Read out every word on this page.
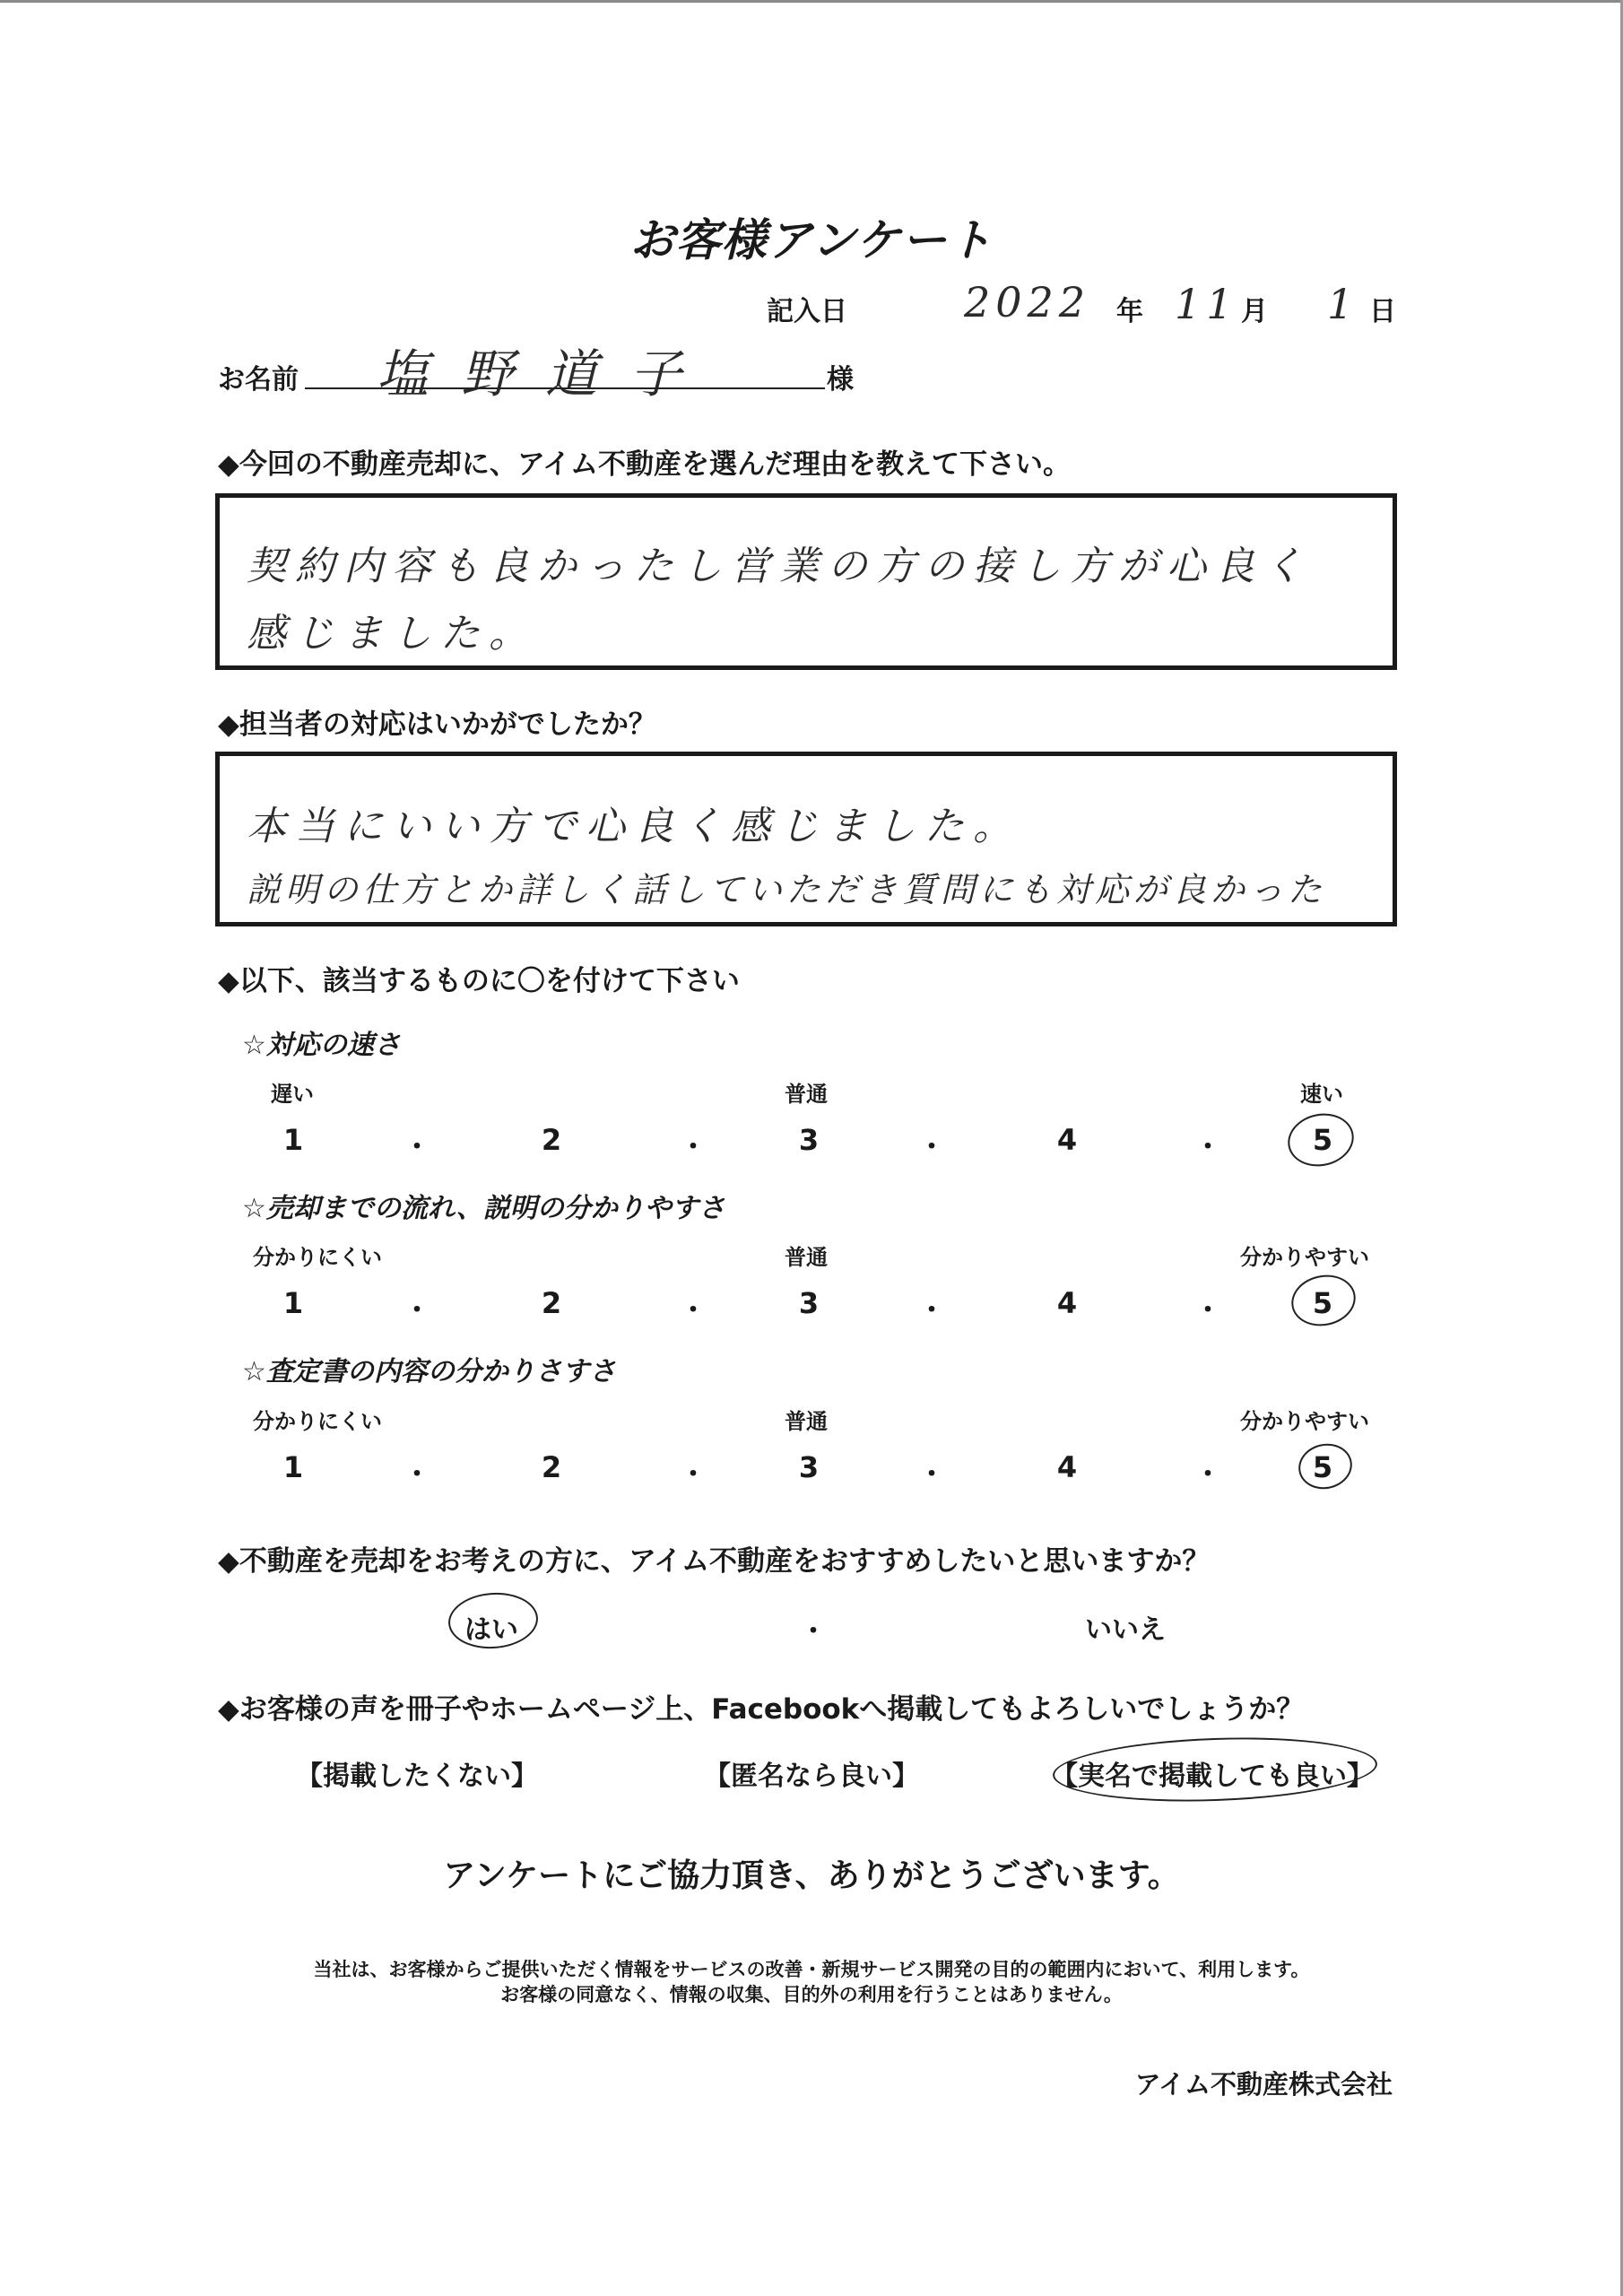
お客様アンケート
記入日	2022 年 11 月 1 日
お名前 塩野道子	様
◆今回の不動産売却に、アイム不動産を選んだ理由を教えて下さい。
契約内容も良かったし営業の方の接し方が心良く
感じました。
◆担当者の対応はいかがでしたか？
本当にいい方で心良く感じました。
説明の仕方とか詳しく話していただき質問にも対応が良かった
◆以下、該当するものに〇を付けて下さい
☆対応の速さ
遅い	普通	速い
1	・	2	・	3	・	4	・	5
☆売却までの流れ、説明の分かりやすさ
分かりにくい	普通	分かりやすい
1	・	2	・	3	・	4	・	5
☆査定書の内容の分かりさすさ
分かりにくい	普通	分かりやすい
1	・	2	・	3	・	4	・	5
◆不動産を売却をお考えの方に、アイム不動産をおすすめしたいと思いますか？
はい	・	いいえ
◆お客様の声を冊子やホームページ上、Facebookへ掲載してもよろしいでしょうか？
【掲載したくない】	【匿名なら良い】	【実名で掲載しても良い】
アンケートにご協力頂き、ありがとうございます。
当社は、お客様からご提供いただく情報をサービスの改善・新規サービス開発の目的の範囲内において、利用します。
お客様の同意なく、情報の収集、目的外の利用を行うことはありません。
アイム不動産株式会社
